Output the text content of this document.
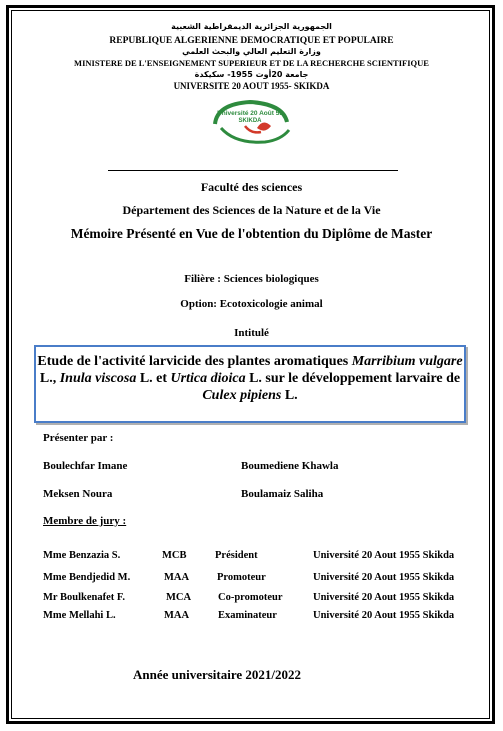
الجمهورية الجزائرية الديمقراطية الشعبية
REPUBLIQUE ALGERIENNE DEMOCRATIQUE ET POPULAIRE
وزارة التعليم العالي والبحث العلمي
MINISTERE DE L'ENSEIGNEMENT SUPERIEUR ET DE LA RECHERCHE SCIENTIFIQUE
جامعة 20أوت 1955- سكيكدة
UNIVERSITE 20 AOUT 1955- SKIKDA
Université 20 Août 55
SKIKDA
Faculté des sciences
Département des Sciences de la Nature et de la Vie
Mémoire Présenté en Vue de l'obtention du Diplôme de Master
Filière : Sciences biologiques
Option: Ecotoxicologie animal
Intitulé
Etude de l'activité larvicide des plantes aromatiques Marribium vulgare L., Inula viscosa L. et Urtica dioica L. sur le développement larvaire de Culex pipiens L.
Présenter par :
Boulechfar Imane	Boumediene Khawla
Meksen Noura	Boulamaiz Saliha
Membre de jury :
Mme Benzazia S.	MCB	Président	Université 20 Aout 1955 Skikda
Mme Bendjedid M.	MAA	Promoteur	Université 20 Aout 1955 Skikda
Mr Boulkenafet F.	MCA	Co-promoteur	Université 20 Aout 1955 Skikda
Mme Mellahi L.	MAA	Examinateur	Université 20 Aout 1955 Skikda
Année universitaire 2021/2022
